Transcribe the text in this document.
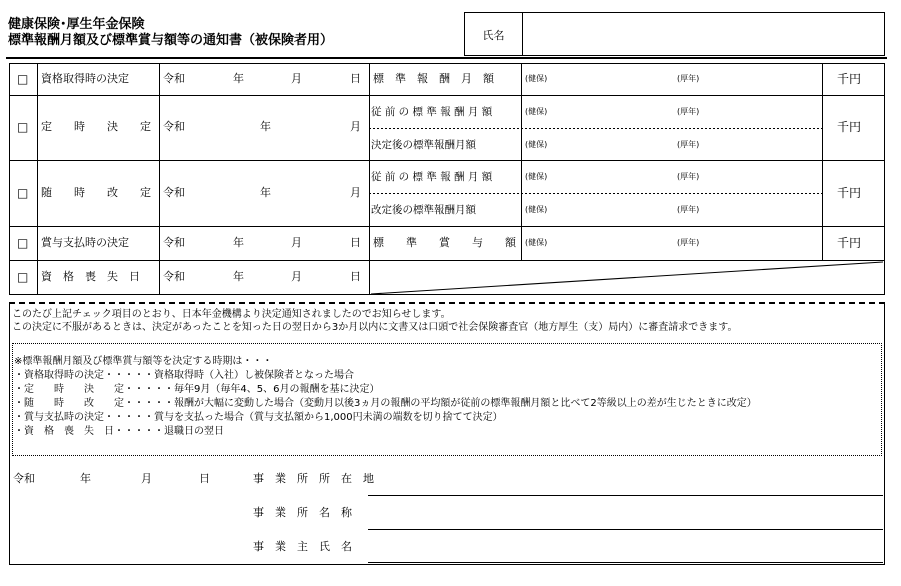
健康保険･厚生年金保険
標準報酬月額及び標準賞与額等の通知書（被保険者用）	氏名
□ 資格取得時の決定	令和	年	月	日 標　準　報　酬　月　額	(健保)	(厚年)	千円
□ 定　　時　　決　　定 令和	年	月
従 前 の 標 準 報 酬 月 額	(健保)	(厚年)
決定後の標準報酬月額	(健保)	(厚年)
千円
□ 随　　時　　改　　定 令和	年	月
従 前 の 標 準 報 酬 月 額	(健保)	(厚年)
改定後の標準報酬月額	(健保)	(厚年)
千円
□ 賞与支払時の決定	令和	年	月	日 標　　準　　賞　　与　　額 (健保)	(厚年)	千円
□ 資　格　喪　失　日 令和	年	月	日
このたび上記チェック項目のとおり、日本年金機構より決定通知されましたのでお知らせします。
この決定に不服があるときは、決定があったことを知った日の翌日から3か月以内に文書又は口頭で社会保険審査官（地方厚生（支）局内）に審査請求できます。
※標準報酬月額及び標準賞与額等を決定する時期は・・・
・資格取得時の決定・・・・・資格取得時（入社）し被保険者となった場合
・定　　時　　決　　定・・・・・毎年9月（毎年4、5、6月の報酬を基に決定）
・随　　時　　改　　定・・・・・報酬が大幅に変動した場合（変動月以後3ヵ月の報酬の平均額が従前の標準報酬月額と比べて2等級以上の差が生じたときに改定）
・賞与支払時の決定・・・・・賞与を支払った場合（賞与支払額から1,000円未満の端数を切り捨てて決定）
・資　格　喪　失　日・・・・・退職日の翌日
令和	年	月	日	事　業　所　所　在　地
事　業　所　名　称
事　業　主　氏　名
